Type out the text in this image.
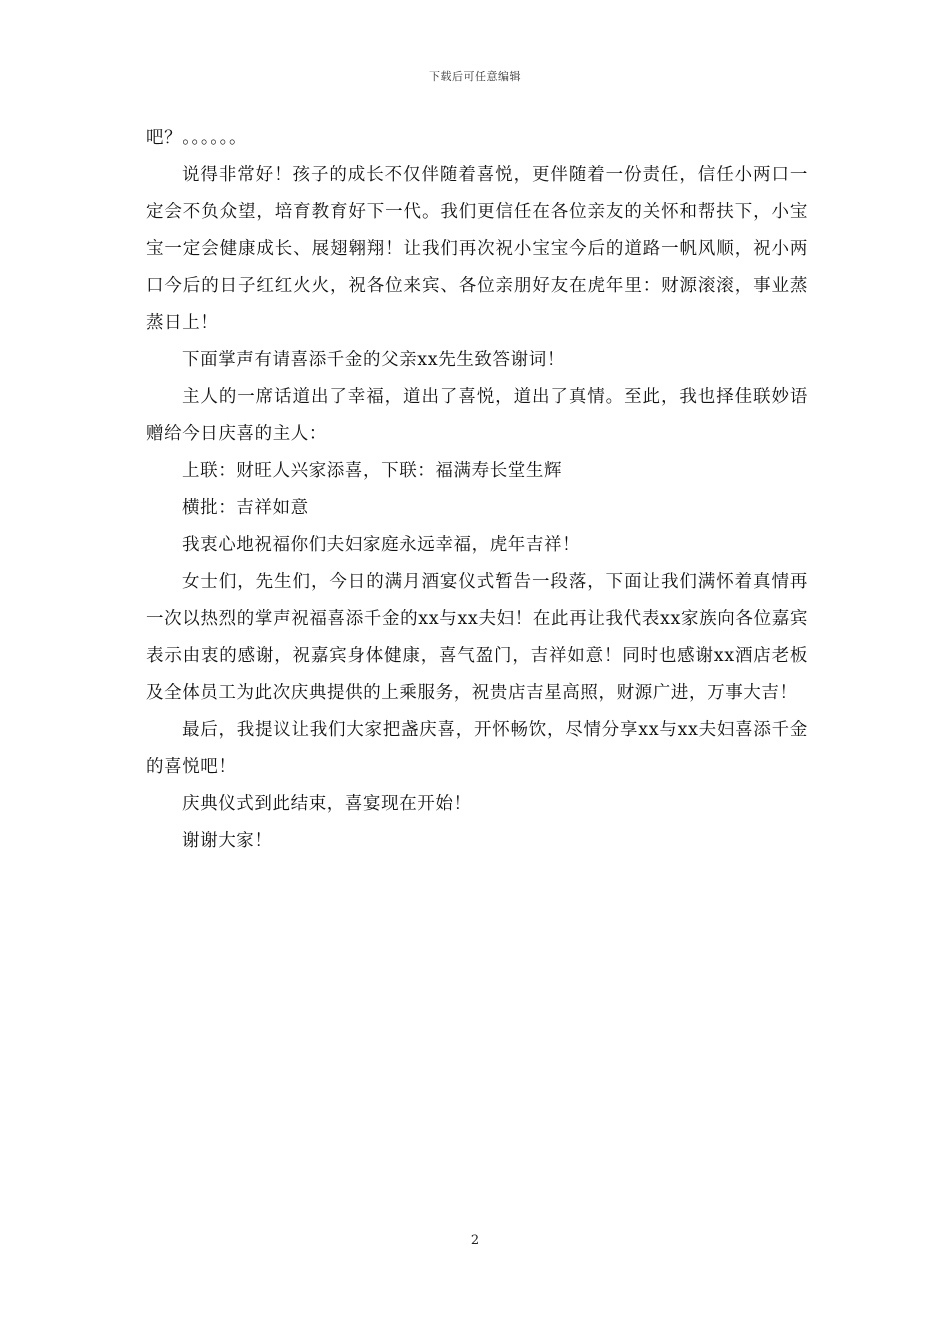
下载后可任意编辑

吧？。。。。。。

说得非常好！孩子的成长不仅伴随着喜悦，更伴随着一份责任，信任小两口一定会不负众望，培育教育好下一代。我们更信任在各位亲友的关怀和帮扶下，小宝宝一定会健康成长、展翅翱翔！让我们再次祝小宝宝今后的道路一帆风顺，祝小两口今后的日子红红火火，祝各位来宾、各位亲朋好友在虎年里：财源滚滚，事业蒸蒸日上！

下面掌声有请喜添千金的父亲xx先生致答谢词！

主人的一席话道出了幸福，道出了喜悦，道出了真情。至此，我也择佳联妙语赠给今日庆喜的主人：

上联：财旺人兴家添喜，下联：福满寿长堂生辉

横批：吉祥如意

我衷心地祝福你们夫妇家庭永远幸福，虎年吉祥！

女士们，先生们，今日的满月酒宴仪式暂告一段落，下面让我们满怀着真情再一次以热烈的掌声祝福喜添千金的xx与xx夫妇！在此再让我代表xx家族向各位嘉宾表示由衷的感谢，祝嘉宾身体健康，喜气盈门，吉祥如意！同时也感谢xx酒店老板及全体员工为此次庆典提供的上乘服务，祝贵店吉星高照，财源广进，万事大吉！

最后，我提议让我们大家把盏庆喜，开怀畅饮，尽情分享xx与xx夫妇喜添千金的喜悦吧！

庆典仪式到此结束，喜宴现在开始！

谢谢大家！

2
